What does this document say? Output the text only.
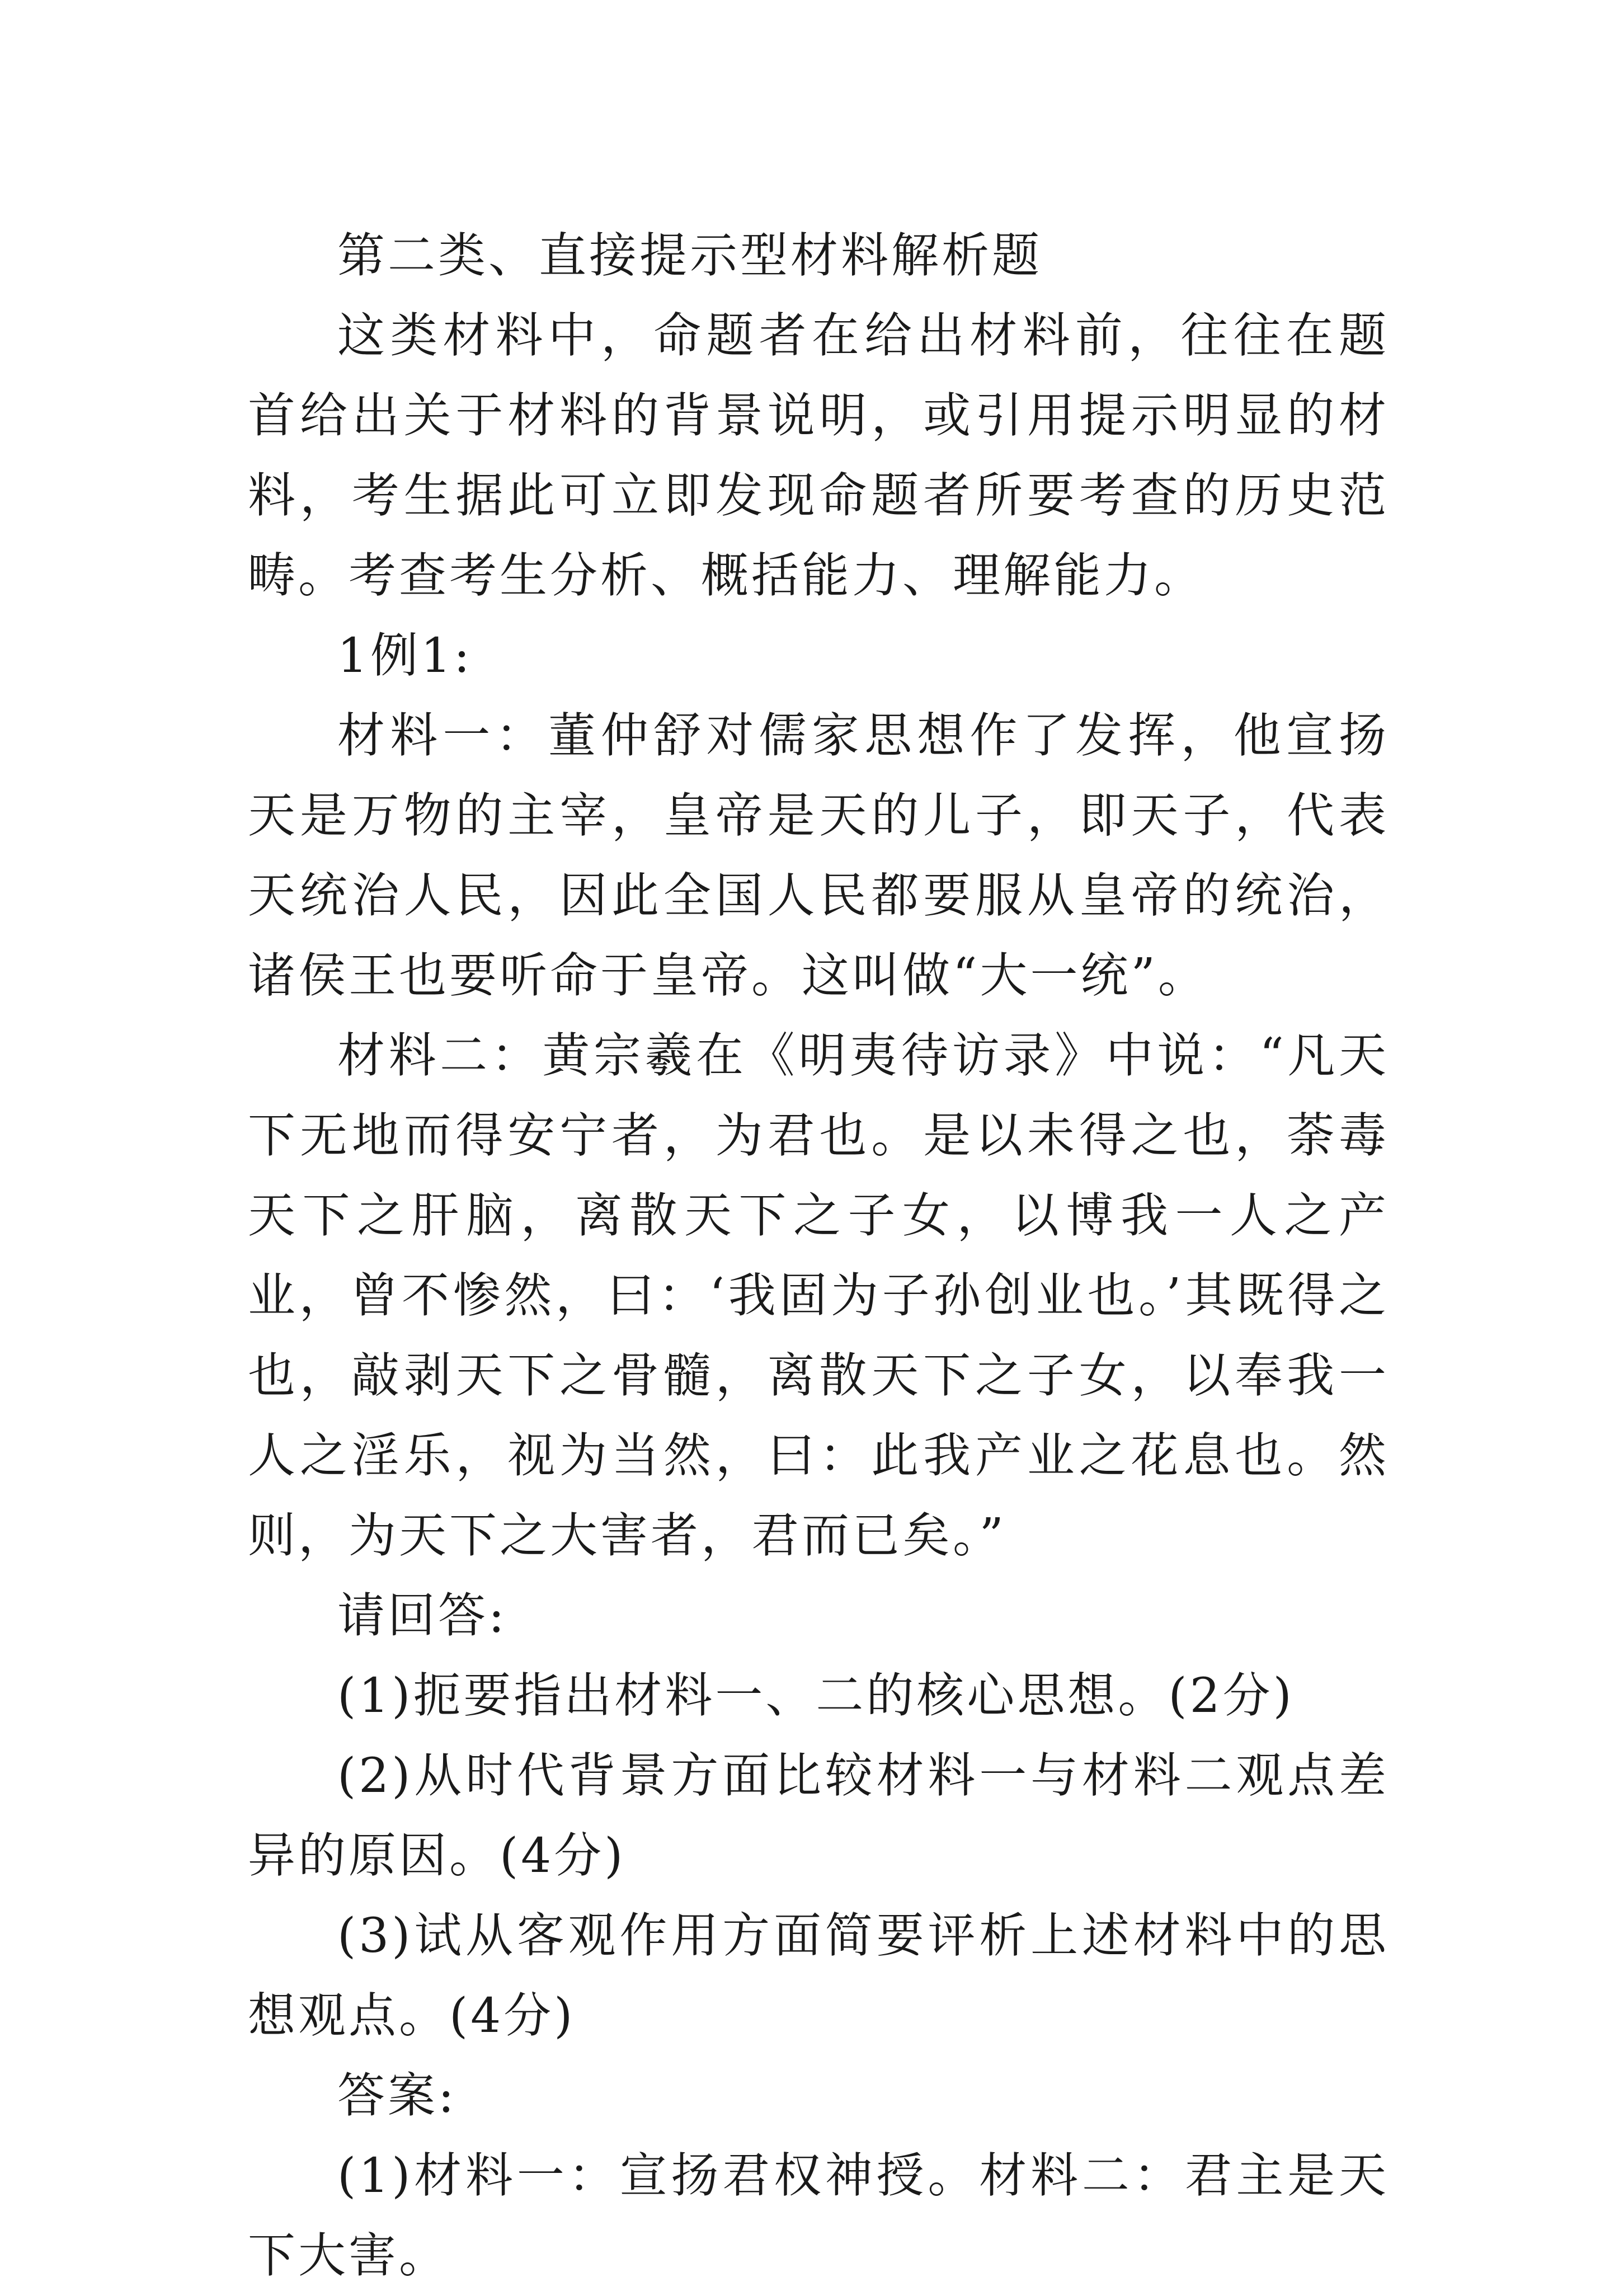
第二类、直接提示型材料解析题

这类材料中，命题者在给出材料前，往往在题首给出关于材料的背景说明，或引用提示明显的材料，考生据此可立即发现命题者所要考查的历史范畴。考查考生分析、概括能力、理解能力。

1例1:

材料一：董仲舒对儒家思想作了发挥，他宣扬天是万物的主宰，皇帝是天的儿子，即天子，代表天统治人民，因此全国人民都要服从皇帝的统治，诸侯王也要听命于皇帝。这叫做“大一统”。

材料二：黄宗羲在《明夷待访录》中说：“凡天下无地而得安宁者，为君也。是以未得之也，荼毒天下之肝脑，离散天下之子女，以博我一人之产业，曾不惨然，曰：‘我固为子孙创业也。’其既得之也，敲剥天下之骨髓，离散天下之子女，以奉我一人之淫乐，视为当然，曰：此我产业之花息也。然则，为天下之大害者，君而已矣。”

请回答:

(1)扼要指出材料一、二的核心思想。(2分)

(2)从时代背景方面比较材料一与材料二观点差异的原因。(4分)

(3)试从客观作用方面简要评析上述材料中的思想观点。(4分)

答案:

(1)材料一：宣扬君权神授。材料二：君主是天下大害。
